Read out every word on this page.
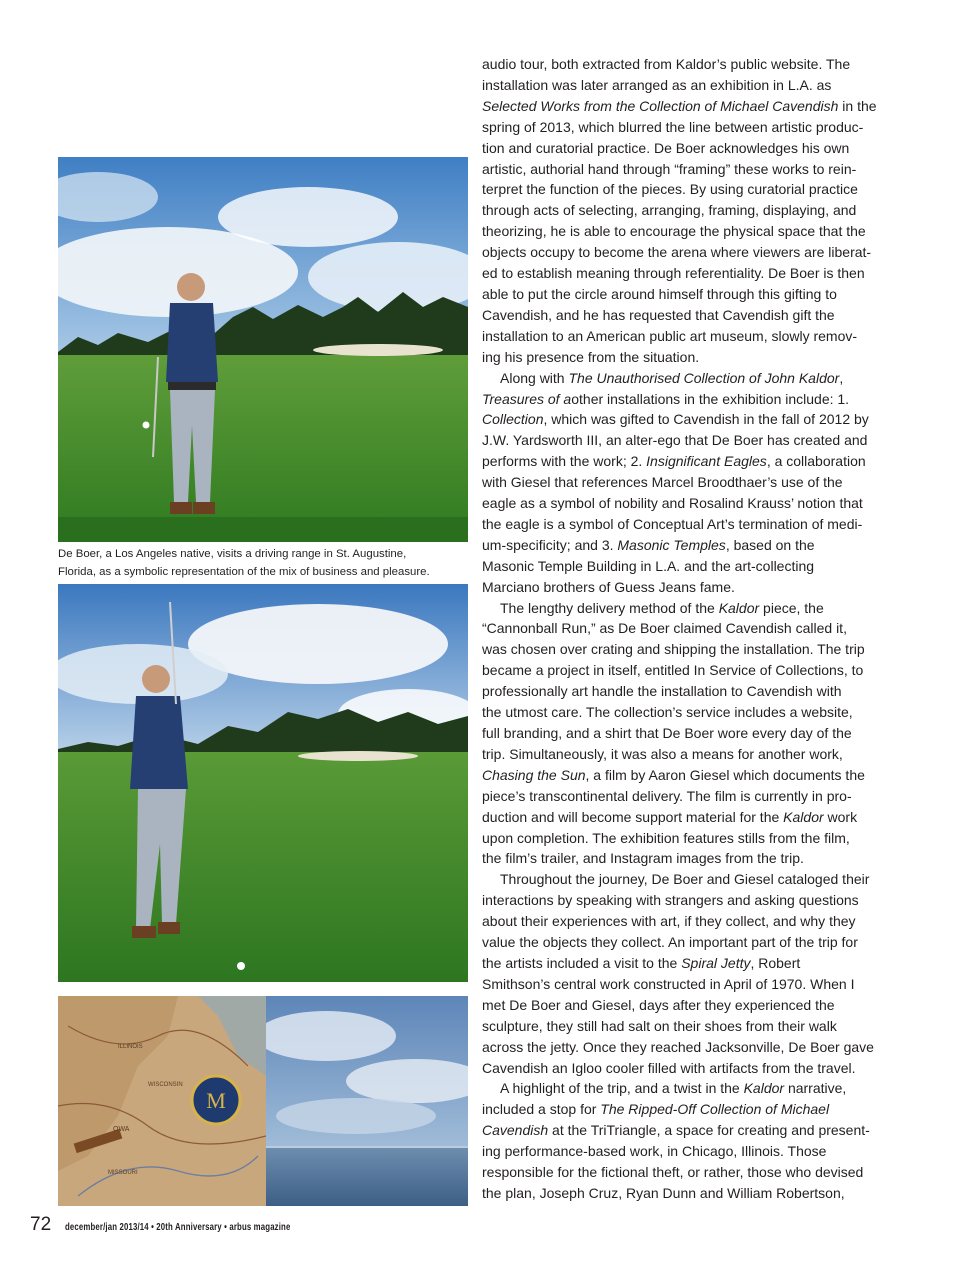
De Boer, a Los Angeles native, visits a driving range in St. Augustine,
Florida, as a symbolic representation of the mix of business and pleasure.
M
ILLINOIS
WISCONSIN
OWA
MISSOURI
audio tour, both extracted from Kaldor’s public website. The
installation was later arranged as an exhibition in L.A. as
Selected Works from the Collection of Michael Cavendish in the
spring of 2013, which blurred the line between artistic produc-
tion and curatorial practice. De Boer acknowledges his own
artistic, authorial hand through “framing” these works to rein-
terpret the function of the pieces. By using curatorial practice
through acts of selecting, arranging, framing, displaying, and
theorizing, he is able to encourage the physical space that the
objects occupy to become the arena where viewers are liberat-
ed to establish meaning through referentiality. De Boer is then
able to put the circle around himself through this gifting to
Cavendish, and he has requested that Cavendish gift the
installation to an American public art museum, slowly remov-
ing his presence from the situation.
Along with The Unauthorised Collection of John Kaldor,
Treasures of aother installations in the exhibition include: 1.
Collection, which was gifted to Cavendish in the fall of 2012 by
J.W. Yardsworth III, an alter-ego that De Boer has created and
performs with the work; 2. Insignificant Eagles, a collaboration
with Giesel that references Marcel Broodthaer’s use of the
eagle as a symbol of nobility and Rosalind Krauss’ notion that
the eagle is a symbol of Conceptual Art’s termination of medi-
um-specificity; and 3. Masonic Temples, based on the
Masonic Temple Building in L.A. and the art-collecting
Marciano brothers of Guess Jeans fame.
The lengthy delivery method of the Kaldor piece, the
“Cannonball Run,” as De Boer claimed Cavendish called it,
was chosen over crating and shipping the installation. The trip
became a project in itself, entitled In Service of Collections, to
professionally art handle the installation to Cavendish with
the utmost care. The collection’s service includes a website,
full branding, and a shirt that De Boer wore every day of the
trip. Simultaneously, it was also a means for another work,
Chasing the Sun, a film by Aaron Giesel which documents the
piece’s transcontinental delivery. The film is currently in pro-
duction and will become support material for the Kaldor work
upon completion. The exhibition features stills from the film,
the film’s trailer, and Instagram images from the trip.
Throughout the journey, De Boer and Giesel cataloged their
interactions by speaking with strangers and asking questions
about their experiences with art, if they collect, and why they
value the objects they collect. An important part of the trip for
the artists included a visit to the Spiral Jetty, Robert
Smithson’s central work constructed in April of 1970. When I
met De Boer and Giesel, days after they experienced the
sculpture, they still had salt on their shoes from their walk
across the jetty. Once they reached Jacksonville, De Boer gave
Cavendish an Igloo cooler filled with artifacts from the travel.
A highlight of the trip, and a twist in the Kaldor narrative,
included a stop for The Ripped-Off Collection of Michael
Cavendish at the TriTriangle, a space for creating and present-
ing performance-based work, in Chicago, Illinois. Those
responsible for the fictional theft, or rather, those who devised
the plan, Joseph Cruz, Ryan Dunn and William Robertson,
72 december/jan 2013/14 • 20th Anniversary • arbus magazine
